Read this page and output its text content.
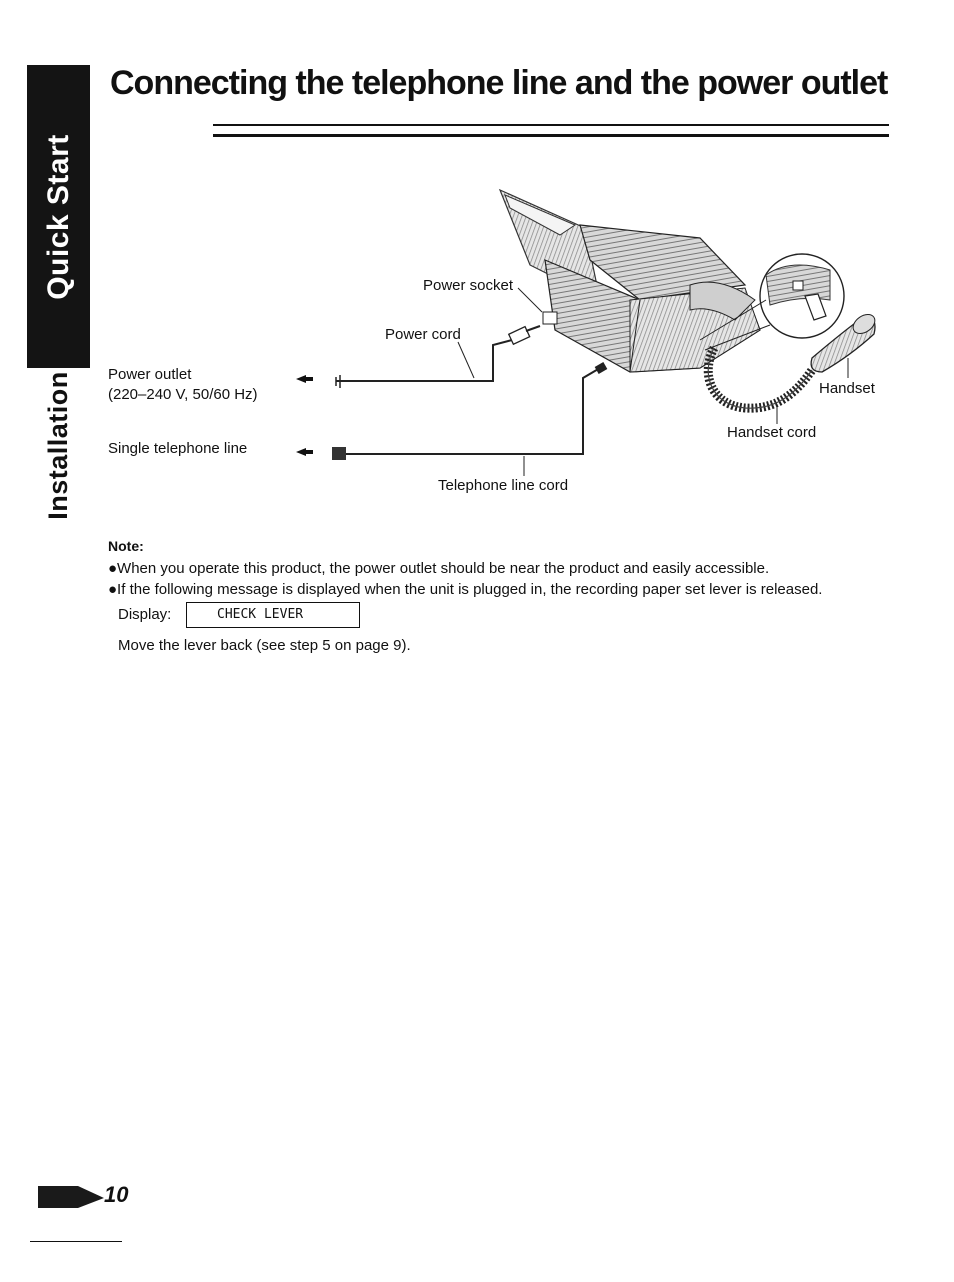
Quick Start
Installation
Connecting the telephone line and the power outlet
Power socket
Power cord
Power outlet
(220–240 V, 50/60 Hz)
Single telephone line
Telephone line cord
Handset
Handset cord
Note:
●When you operate this product, the power outlet should be near the product and easily accessible.
●If the following message is displayed when the unit is plugged in, the recording paper set lever is released.
Display:	CHECK LEVER
Move the lever back (see step 5 on page 9).
10
